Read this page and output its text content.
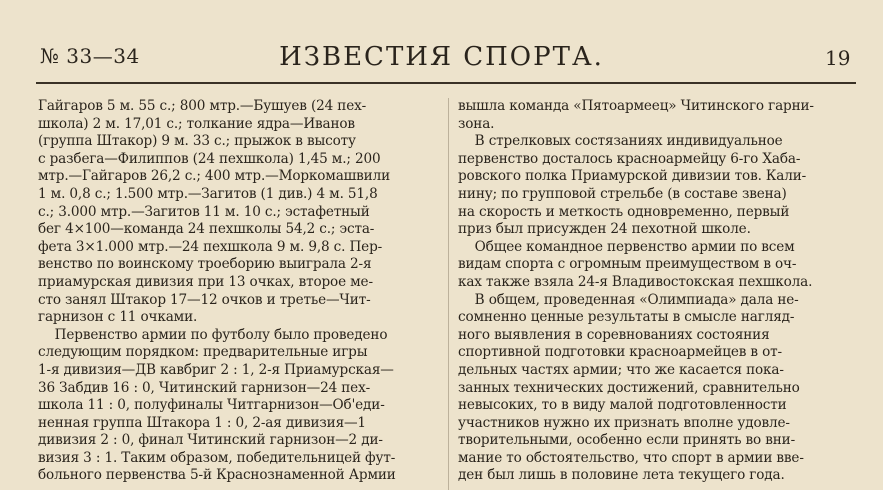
№ 33—34	ИЗВЕСТИЯ СПОРТА.	19
Гайгаров 5 м. 55 с.; 800 мтр.—Бушуев (24 пех-
школа) 2 м. 17,01 с.; толкание ядра—Иванов
(группа Штакор) 9 м. 33 с.; прыжок в высоту
с разбега—Филиппов (24 пехшкола) 1,45 м.; 200
мтр.—Гайгаров 26,2 с.; 400 мтр.—Моркомашвили
1 м. 0,8 с.; 1.500 мтр.—Загитов (1 див.) 4 м. 51,8
с.; 3.000 мтр.—Загитов 11 м. 10 с.; эстафетный
бег 4×100—команда 24 пехшколы 54,2 с.; эста-
фета 3×1.000 мтр.—24 пехшкола 9 м. 9,8 с. Пер-
венство по воинскому троеборию выиграла 2-я
приамурская дивизия при 13 очках, второе ме-
сто занял Штакор 17—12 очков и третье—Чит-
гарнизон с 11 очками.
Первенство армии по футболу было проведено
следующим порядком: предварительные игры
1-я дивизия—ДВ кавбриг 2 : 1, 2-я Приамурская—
36 Забдив 16 : 0, Читинский гарнизон—24 пех-
школа 11 : 0, полуфиналы Читгарнизон—Об'еди-
ненная группа Штакора 1 : 0, 2-ая дивизия—1
дивизия 2 : 0, финал Читинский гарнизон—2 ди-
визия 3 : 1. Таким образом, победительницей фут-
больного первенства 5-й Краснознаменной Армии
вышла команда «Пятоармеец» Читинского гарни-
зона.
В стрелковых состязаниях индивидуальное
первенство досталось красноармейцу 6-го Хаба-
ровского полка Приамурской дивизии тов. Кали-
нину; по групповой стрельбе (в составе звена)
на скорость и меткость одновременно, первый
приз был присужден 24 пехотной школе.
Общее командное первенство армии по всем
видам спорта с огромным преимуществом в оч-
ках также взяла 24-я Владивостокская пехшкола.
В общем, проведенная «Олимпиада» дала не-
сомненно ценные результаты в смысле нагляд-
ного выявления в соревнованиях состояния
спортивной подготовки красноармейцев в от-
дельных частях армии; что же касается пока-
занных технических достижений, сравнительно
невысоких, то в виду малой подготовленности
участников нужно их признать вполне удовле-
творительными, особенно если принять во вни-
мание то обстоятельство, что спорт в армии вве-
ден был лишь в половине лета текущего года.
